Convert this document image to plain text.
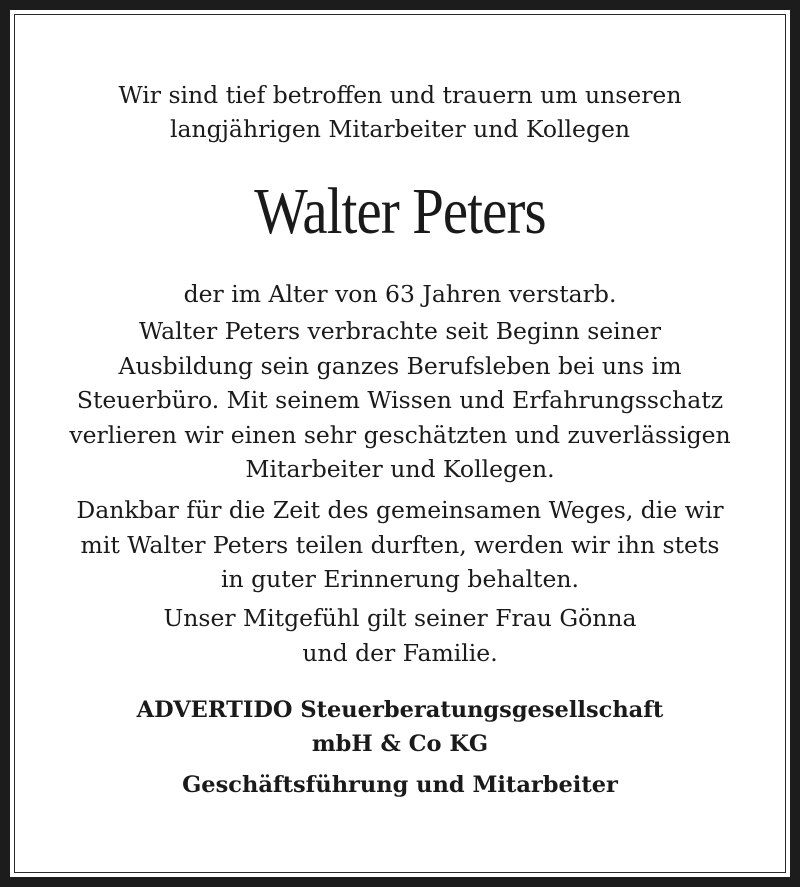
Wir sind tief betroffen und trauern um unseren
langjährigen Mitarbeiter und Kollegen
Walter Peters
der im Alter von 63 Jahren verstarb.
Walter Peters verbrachte seit Beginn seiner
Ausbildung sein ganzes Berufsleben bei uns im
Steuerbüro. Mit seinem Wissen und Erfahrungsschatz
verlieren wir einen sehr geschätzten und zuverlässigen
Mitarbeiter und Kollegen.
Dankbar für die Zeit des gemeinsamen Weges, die wir
mit Walter Peters teilen durften, werden wir ihn stets
in guter Erinnerung behalten.
Unser Mitgefühl gilt seiner Frau Gönna
und der Familie.
ADVERTIDO Steuerberatungsgesellschaft
mbH & Co KG
Geschäftsführung und Mitarbeiter
